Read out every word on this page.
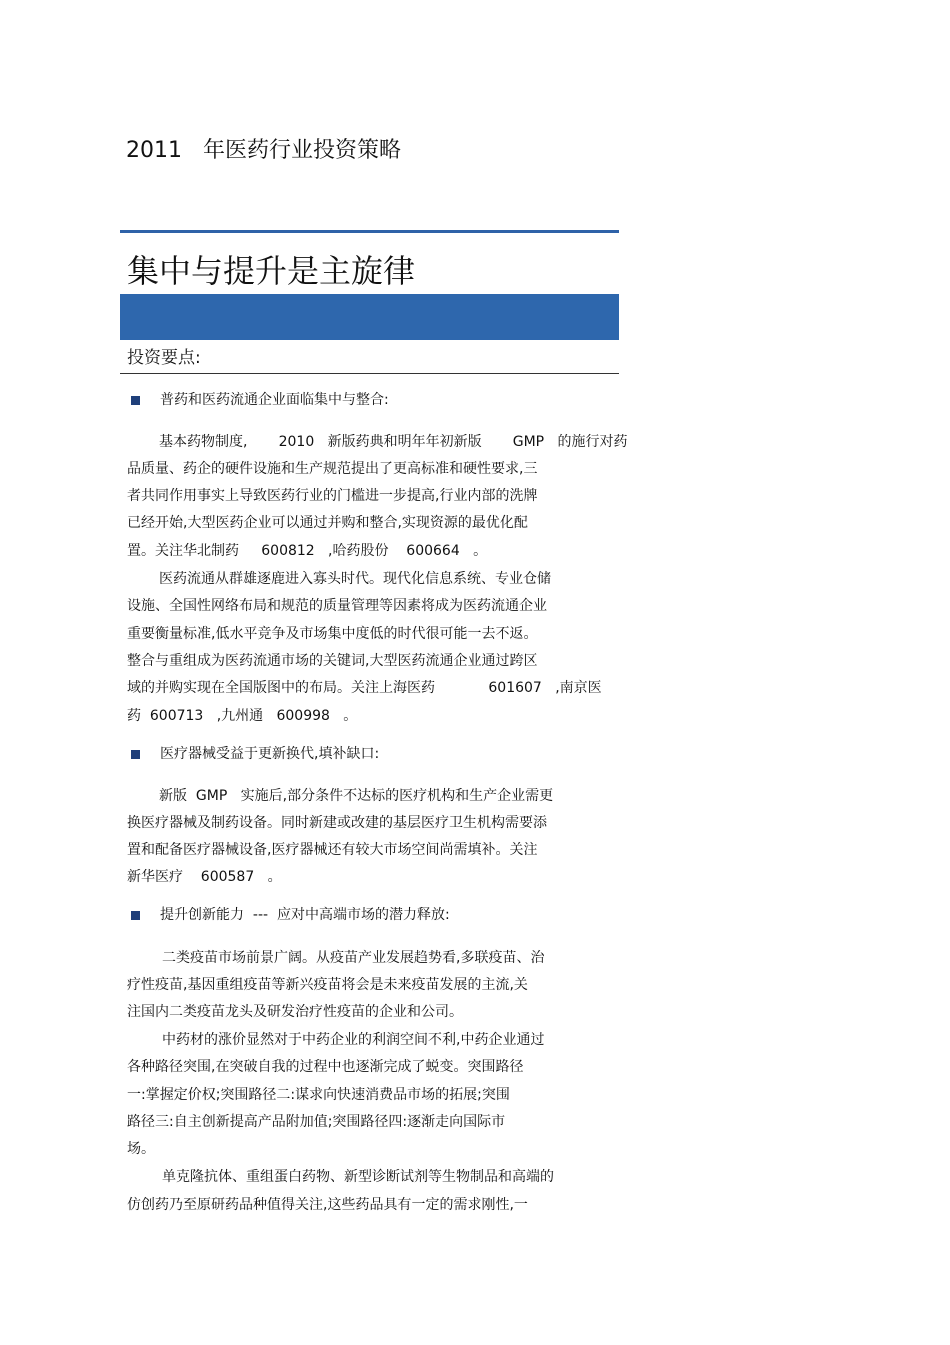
2011   年医药行业投资策略
集中与提升是主旋律
投资要点:
普药和医药流通企业面临集中与整合:
基本药物制度,       2010   新版药典和明年年初新版       GMP   的施行对药
品质量、药企的硬件设施和生产规范提出了更高标准和硬性要求,三
者共同作用事实上导致医药行业的门槛进一步提高,行业内部的洗牌
已经开始,大型医药企业可以通过并购和整合,实现资源的最优化配
置。关注华北制药     600812   ,哈药股份    600664   。
医药流通从群雄逐鹿进入寡头时代。现代化信息系统、专业仓储
设施、全国性网络布局和规范的质量管理等因素将成为医药流通企业
重要衡量标准,低水平竞争及市场集中度低的时代很可能一去不返。
整合与重组成为医药流通市场的关键词,大型医药流通企业通过跨区
域的并购实现在全国版图中的布局。关注上海医药            601607   ,南京医
药  600713   ,九州通   600998   。
医疗器械受益于更新换代,填补缺口:
新版  GMP   实施后,部分条件不达标的医疗机构和生产企业需更
换医疗器械及制药设备。同时新建或改建的基层医疗卫生机构需要添
置和配备医疗器械设备,医疗器械还有较大市场空间尚需填补。关注
新华医疗    600587   。
提升创新能力  ---  应对中高端市场的潜力释放:
二类疫苗市场前景广阔。从疫苗产业发展趋势看,多联疫苗、治
疗性疫苗,基因重组疫苗等新兴疫苗将会是未来疫苗发展的主流,关
注国内二类疫苗龙头及研发治疗性疫苗的企业和公司。
中药材的涨价显然对于中药企业的利润空间不利,中药企业通过
各种路径突围,在突破自我的过程中也逐渐完成了蜕变。突围路径
一:掌握定价权;突围路径二:谋求向快速消费品市场的拓展;突围
路径三:自主创新提高产品附加值;突围路径四:逐渐走向国际市
场。
单克隆抗体、重组蛋白药物、新型诊断试剂等生物制品和高端的
仿创药乃至原研药品种值得关注,这些药品具有一定的需求刚性,一
